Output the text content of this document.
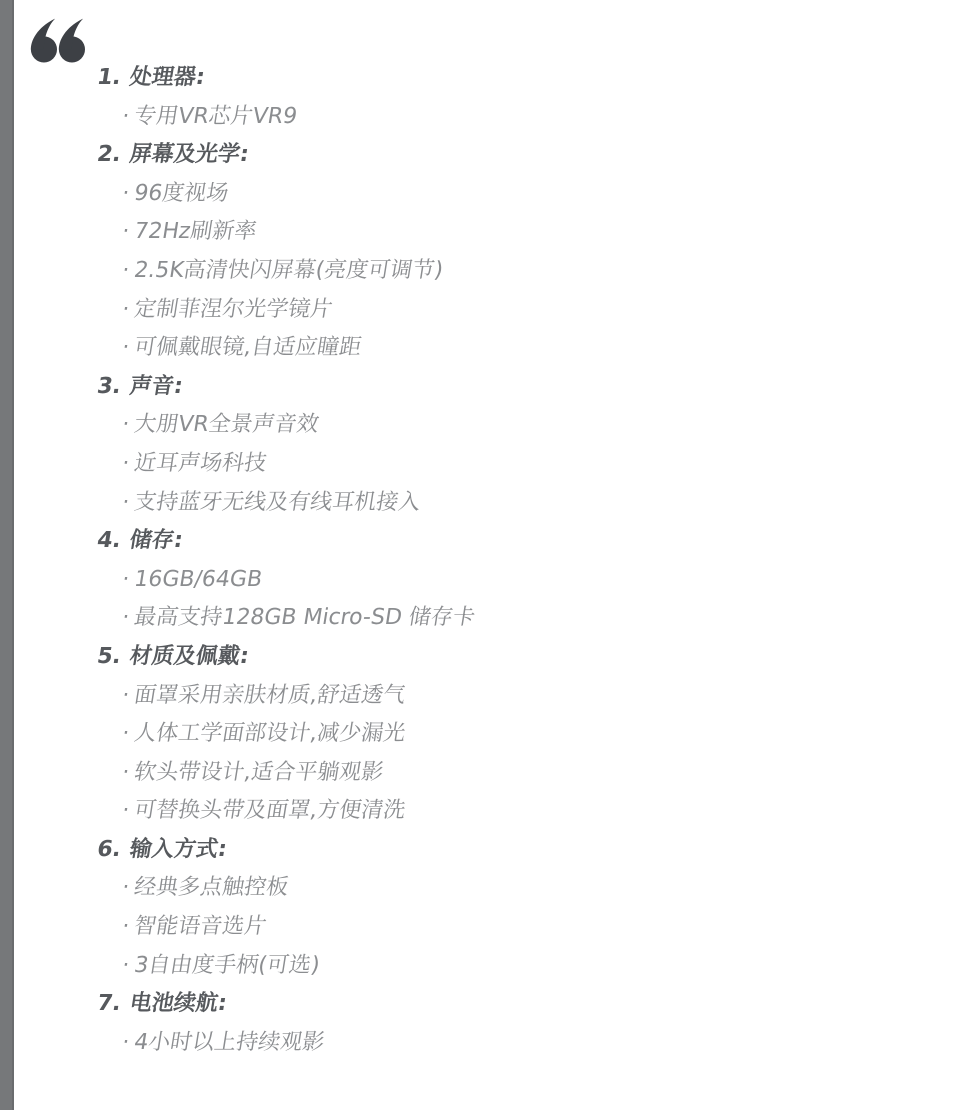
1. 处理器:
·专用VR芯片VR9
2. 屏幕及光学:
·96度视场
·72Hz刷新率
·2.5K高清快闪屏幕(亮度可调节)
·定制菲涅尔光学镜片
·可佩戴眼镜,自适应瞳距
3. 声音:
·大朋VR全景声音效
·近耳声场科技
·支持蓝牙无线及有线耳机接入
4. 储存:
·16GB/64GB
·最高支持128GB Micro-SD 储存卡
5. 材质及佩戴:
·面罩采用亲肤材质,舒适透气
·人体工学面部设计,减少漏光
·软头带设计,适合平躺观影
·可替换头带及面罩,方便清洗
6. 输入方式:
·经典多点触控板
·智能语音选片
·3自由度手柄(可选)
7. 电池续航:
·4小时以上持续观影
